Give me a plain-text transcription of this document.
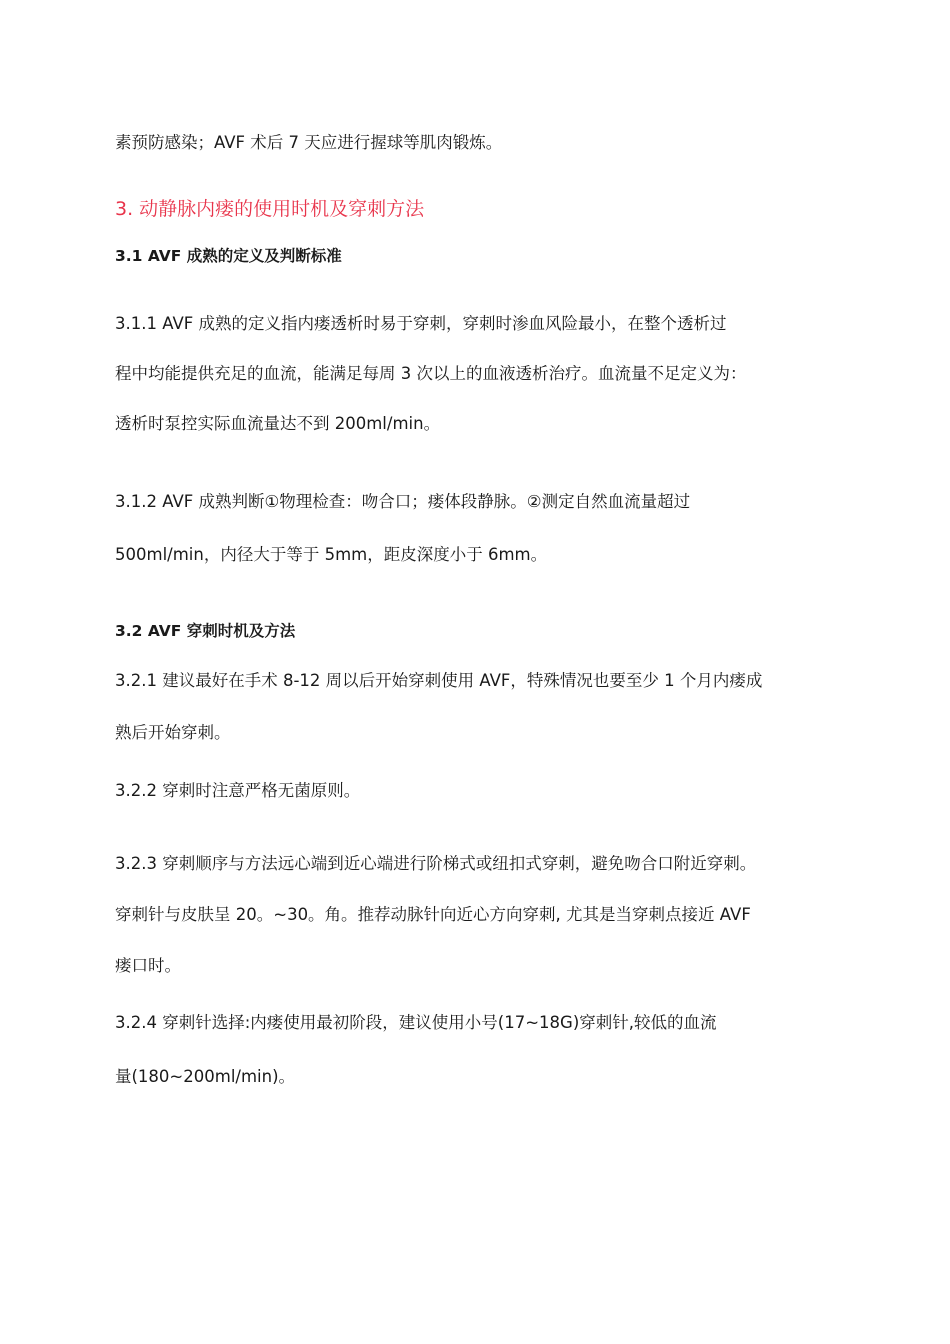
素预防感染；AVF 术后 7 天应进行握球等肌肉锻炼。

3. 动静脉内瘘的使用时机及穿刺方法

3.1 AVF 成熟的定义及判断标准

3.1.1 AVF 成熟的定义指内瘘透析时易于穿刺，穿刺时渗血风险最小，在整个透析过

程中均能提供充足的血流，能满足每周 3 次以上的血液透析治疗。血流量不足定义为：

透析时泵控实际血流量达不到 200ml/min。

3.1.2 AVF 成熟判断①物理检查：吻合口；瘘体段静脉。②测定自然血流量超过

500ml/min，内径大于等于 5mm，距皮深度小于 6mm。

3.2 AVF 穿刺时机及方法

3.2.1 建议最好在手术 8-12 周以后开始穿刺使用 AVF，特殊情况也要至少 1 个月内瘘成

熟后开始穿刺。

3.2.2 穿刺时注意严格无菌原则。

3.2.3 穿刺顺序与方法远心端到近心端进行阶梯式或纽扣式穿刺，避免吻合口附近穿刺。

穿刺针与皮肤呈 20。~30。角。推荐动脉针向近心方向穿刺, 尤其是当穿刺点接近 AVF

瘘口时。

3.2.4 穿刺针选择:内瘘使用最初阶段，建议使用小号(17~18G)穿刺针,较低的血流

量(180~200ml/min)。
